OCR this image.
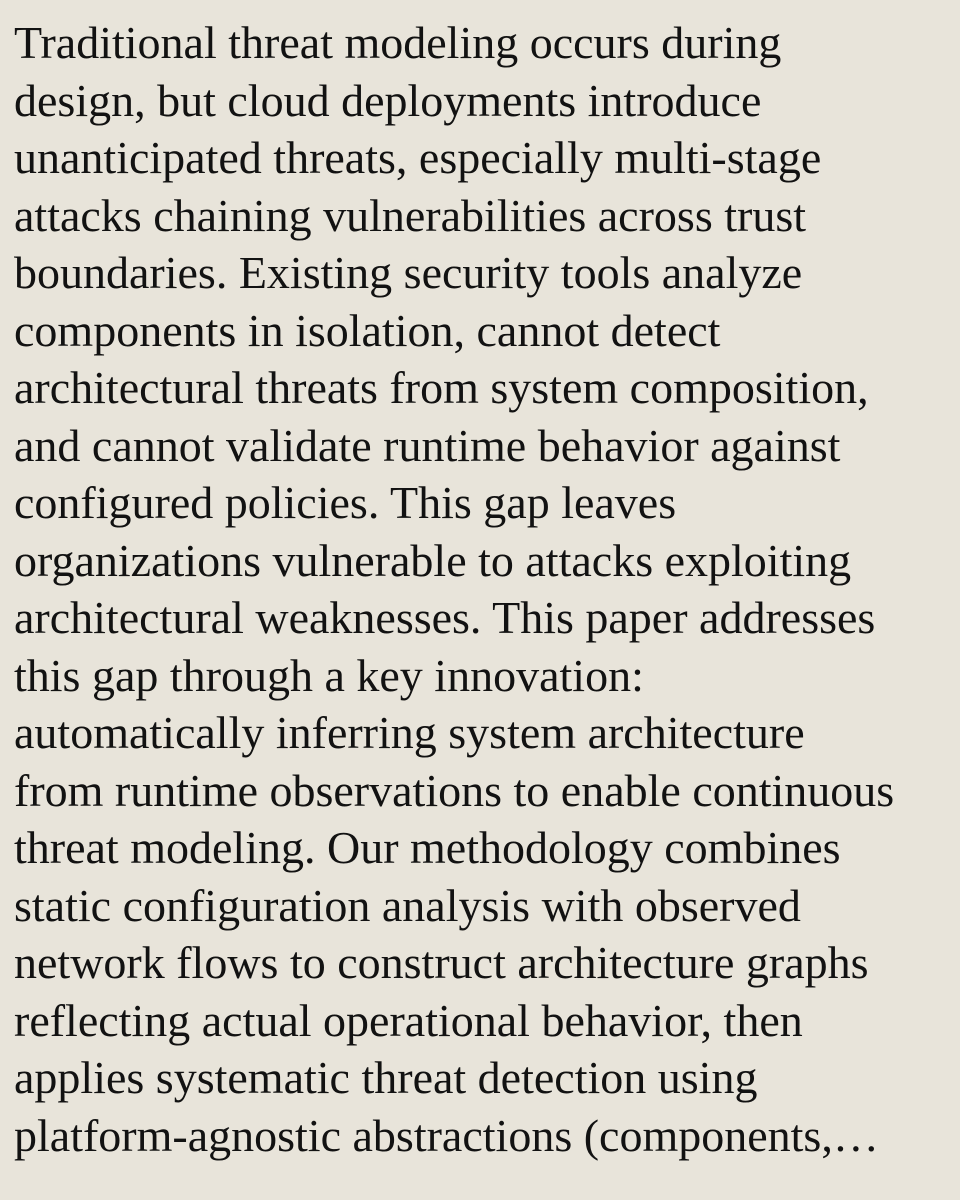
Traditional threat modeling occurs during
design, but cloud deployments introduce
unanticipated threats, especially multi-stage
attacks chaining vulnerabilities across trust
boundaries. Existing security tools analyze
components in isolation, cannot detect
architectural threats from system composition,
and cannot validate runtime behavior against
configured policies. This gap leaves
organizations vulnerable to attacks exploiting
architectural weaknesses. This paper addresses
this gap through a key innovation:
automatically inferring system architecture
from runtime observations to enable continuous
threat modeling. Our methodology combines
static configuration analysis with observed
network flows to construct architecture graphs
reflecting actual operational behavior, then
applies systematic threat detection using
platform-agnostic abstractions (components,…
